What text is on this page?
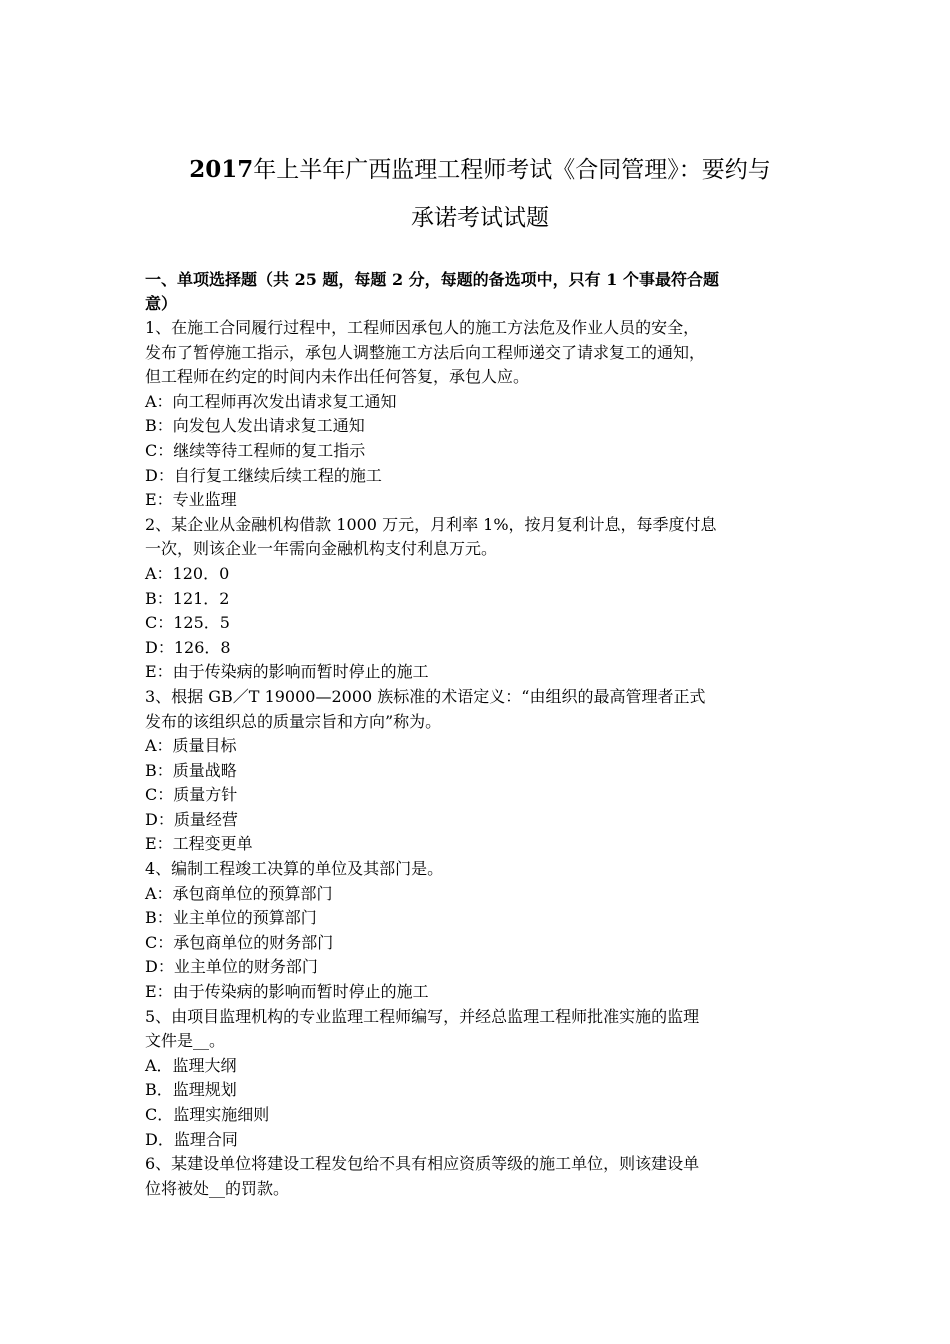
2017年上半年广西监理工程师考试《合同管理》：要约与
承诺考试试题
一、单项选择题（共 25 题，每题 2 分，每题的备选项中，只有 1 个事最符合题
意）
1、在施工合同履行过程中，工程师因承包人的施工方法危及作业人员的安全，
发布了暂停施工指示，承包人调整施工方法后向工程师递交了请求复工的通知，
但工程师在约定的时间内未作出任何答复，承包人应。
A：向工程师再次发出请求复工通知
B：向发包人发出请求复工通知
C：继续等待工程师的复工指示
D：自行复工继续后续工程的施工
E：专业监理
2、某企业从金融机构借款 1000 万元，月利率 1%，按月复利计息，每季度付息
一次，则该企业一年需向金融机构支付利息万元。
A：120．0
B：121．2
C：125．5
D：126．8
E：由于传染病的影响而暂时停止的施工
3、根据 GB／T 19000—2000 族标准的术语定义：“由组织的最高管理者正式
发布的该组织总的质量宗旨和方向”称为。
A：质量目标
B：质量战略
C：质量方针
D：质量经营
E：工程变更单
4、编制工程竣工决算的单位及其部门是。
A：承包商单位的预算部门
B：业主单位的预算部门
C：承包商单位的财务部门
D：业主单位的财务部门
E：由于传染病的影响而暂时停止的施工
5、由项目监理机构的专业监理工程师编写，并经总监理工程师批准实施的监理
文件是__。
A．监理大纲
B．监理规划
C．监理实施细则
D．监理合同
6、某建设单位将建设工程发包给不具有相应资质等级的施工单位，则该建设单
位将被处__的罚款。
